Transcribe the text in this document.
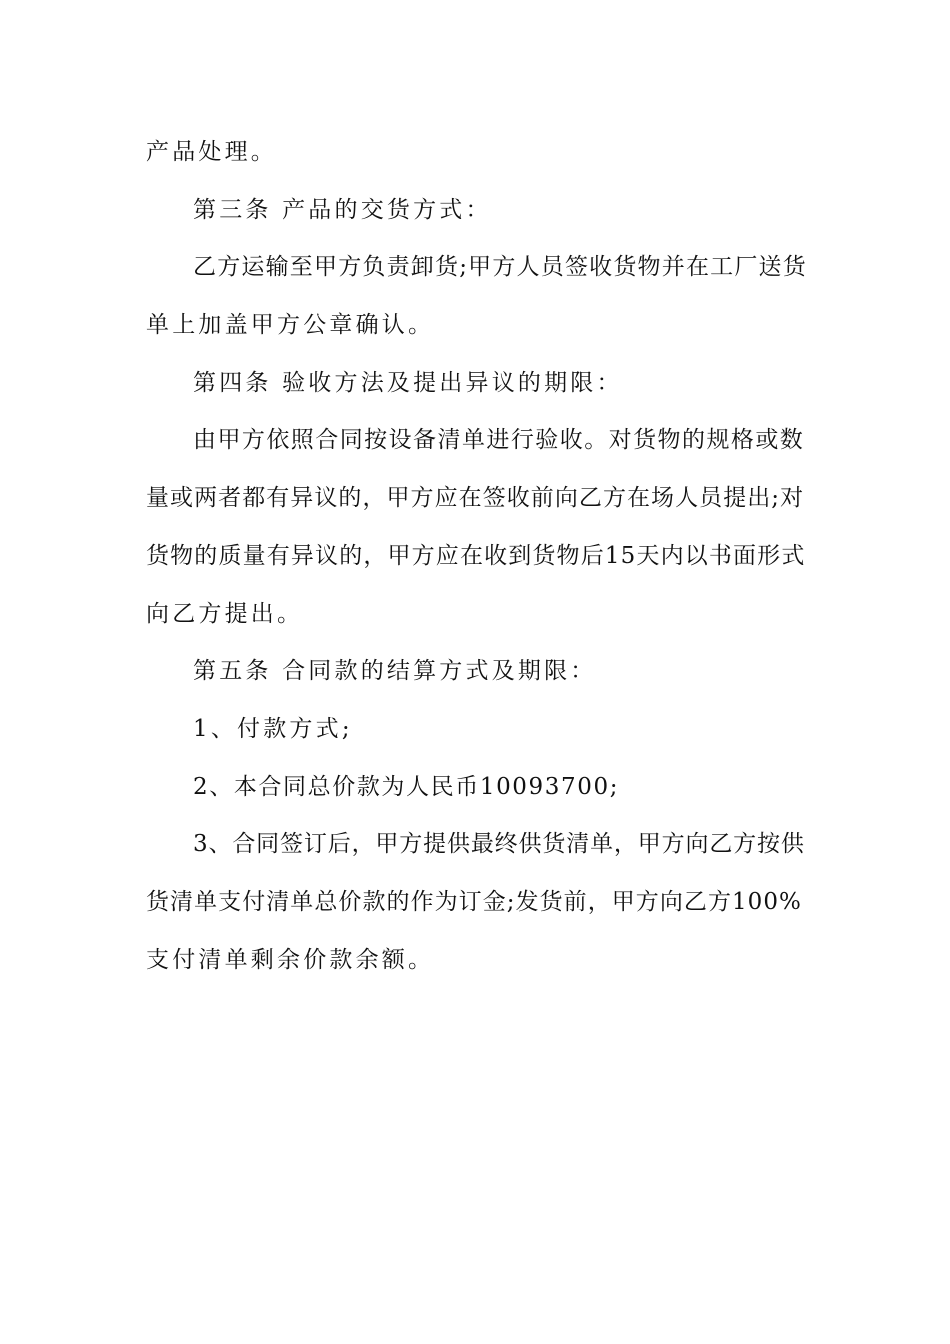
产品处理。
第三条 产品的交货方式：
乙方运输至甲方负责卸货;甲方人员签收货物并在工厂送货
单上加盖甲方公章确认。
第四条 验收方法及提出异议的期限：
由甲方依照合同按设备清单进行验收。对货物的规格或数
量或两者都有异议的，甲方应在签收前向乙方在场人员提出;对
货物的质量有异议的，甲方应在收到货物后15天内以书面形式
向乙方提出。
第五条 合同款的结算方式及期限：
1、付款方式;
2、本合同总价款为人民币10093700;
3、合同签订后，甲方提供最终供货清单，甲方向乙方按供
货清单支付清单总价款的作为订金;发货前，甲方向乙方100%
支付清单剩余价款余额。
